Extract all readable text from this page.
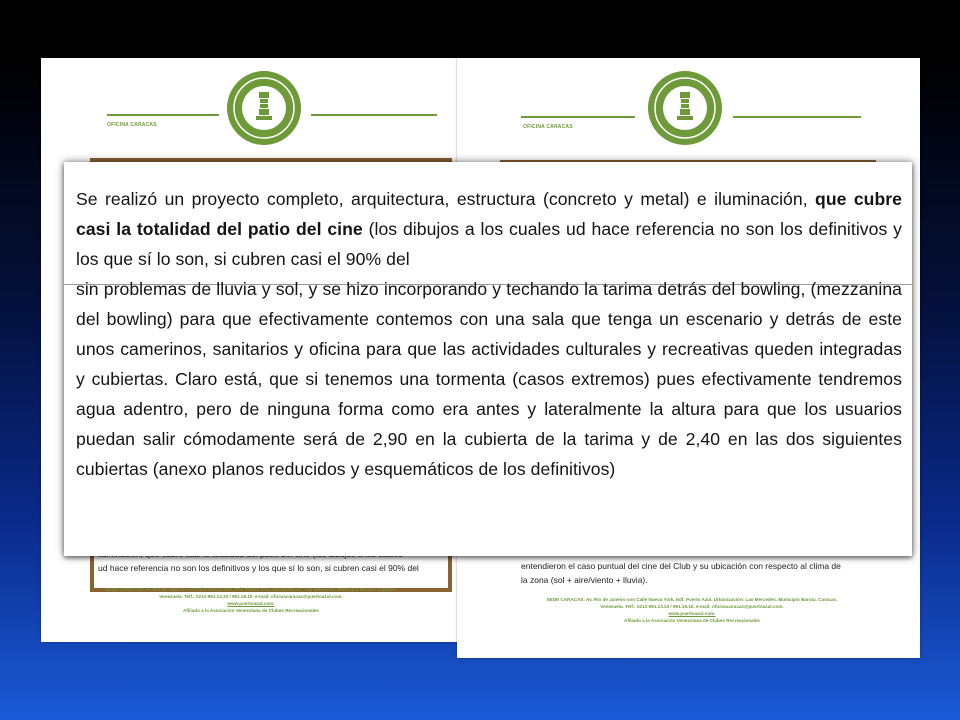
OFICINA CARACAS
ud hace referencia no son los definitivos y los que sí lo son, si cubren casi el 90% del
SEDE CARACAS: Av. Río de Janeiro con Calle Nueva York, Edf. Puerto Azul. Urbanización: Las Mercedes. Municipio Baruta. Caracas.
Venezuela. Telf.: 0212-991.13.33 / 991.19.10. e-mail: oficinacaracas@puertoazul.com.
www.puertoazul.com.
Afiliado a la Asociación Venezolana de Clubes Recreacionales
OFICINA CARACAS
entendieron el caso puntual del cine del Club y su ubicación con respecto al clima de
la zona (sol + aire/viento + lluvia).
SEDE CARACAS: Av. Río de Janeiro con Calle Nueva York, Edf. Puerto Azul. Urbanización: Las Mercedes. Municipio Baruta. Caracas.
Venezuela. Telf.: 0212-991.13.33 / 991.19.10. e-mail: oficinacaracas@puertoazul.com.
www.puertoazul.com.
Afiliado a la Asociación Venezolana de Clubes Recreacionales

Se realizó un proyecto completo, arquitectura, estructura (concreto y metal) e iluminación, que cubre casi la totalidad del patio del cine (los dibujos a los cuales ud hace referencia no son los definitivos y los que sí lo son, si cubren casi el 90% del

sin problemas de lluvia y sol, y se hizo incorporando y techando la tarima detrás del bowling, (mezzanina del bowling) para que efectivamente contemos con una sala que tenga un escenario y detrás de este unos camerinos, sanitarios y oficina para que las actividades culturales y recreativas queden integradas y cubiertas. Claro está, que si tenemos una tormenta (casos extremos) pues efectivamente tendremos agua adentro, pero de ninguna forma como era antes y lateralmente la altura para que los usuarios puedan salir cómodamente será de 2,90 en la cubierta de la tarima y de 2,40 en las dos siguientes cubiertas (anexo planos reducidos y esquemáticos de los definitivos)
